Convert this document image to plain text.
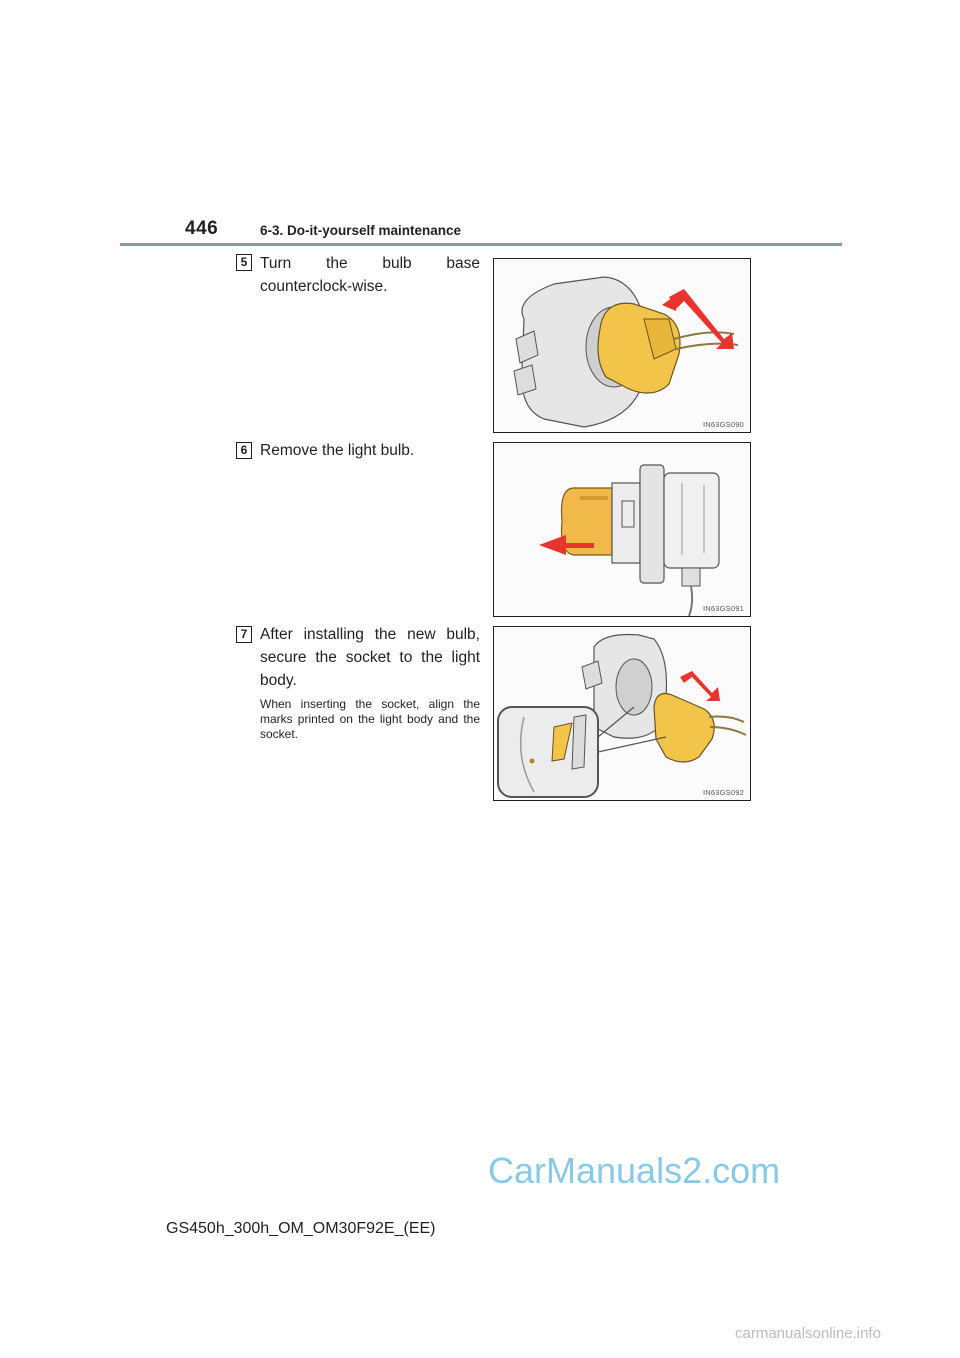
446	6-3. Do-it-yourself maintenance
5 Turn the bulb base counterclock-wise.
IN63GS090
6 Remove the light bulb.
IN63GS091
7 After installing the new bulb, secure the socket to the light body.
When inserting the socket, align the marks printed on the light body and the socket.
IN63GS092
GS450h_300h_OM_OM30F92E_(EE)
CarManuals2.com
carmanualsonline.info
